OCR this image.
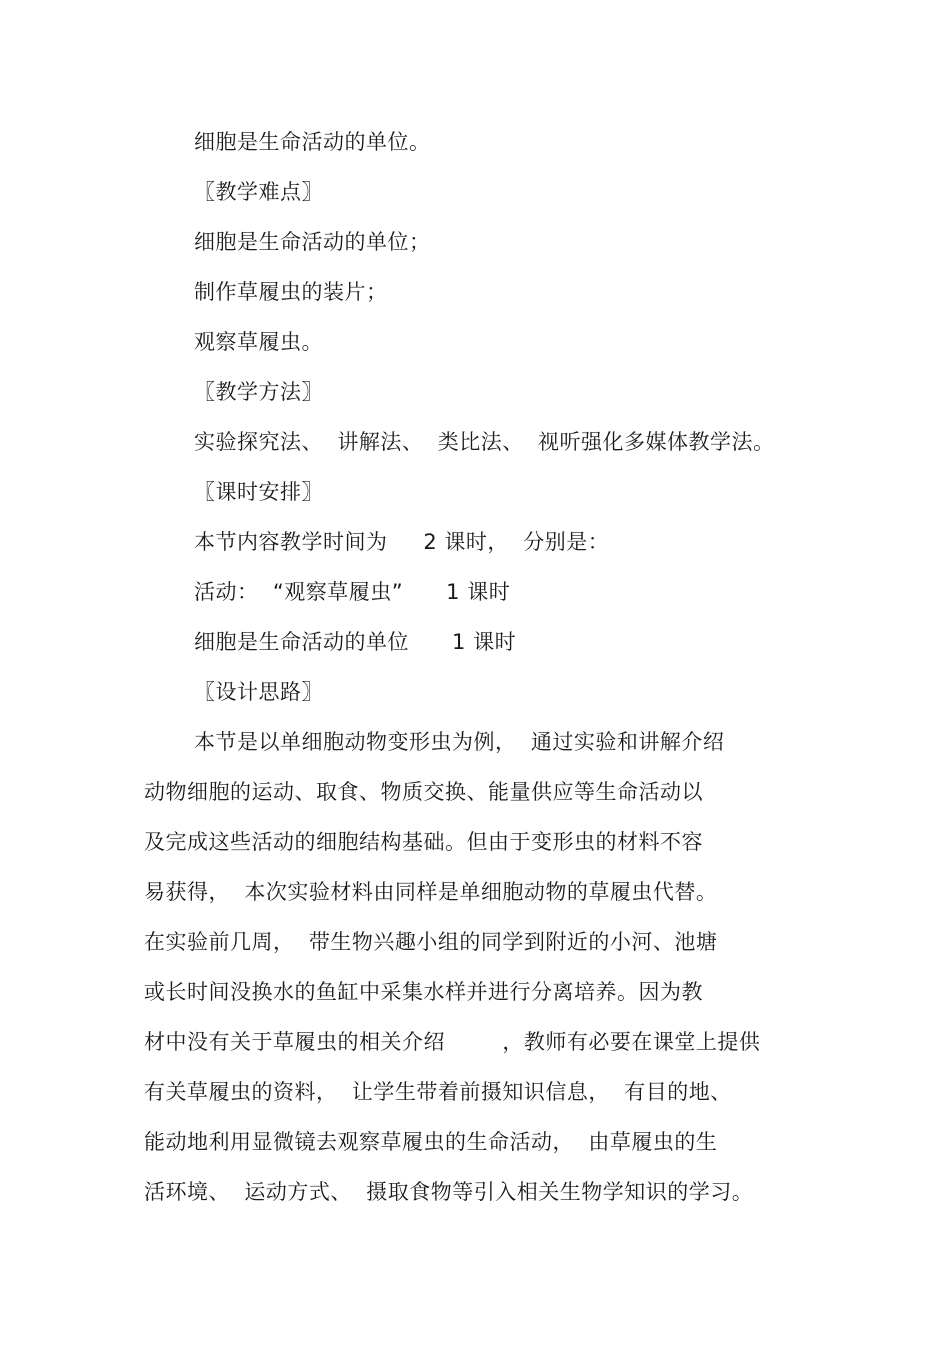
细胞是生命活动的单位。
〖教学难点〗
细胞是生命活动的单位；
制作草履虫的装片；
观察草履虫。
〖教学方法〗
实验探究法、  讲解法、  类比法、  视听强化多媒体教学法。
〖课时安排〗
本节内容教学时间为     2 课时，  分别是：
活动：  “观察草履虫”      1 课时
细胞是生命活动的单位      1 课时
〖设计思路〗
本节是以单细胞动物变形虫为例，  通过实验和讲解介绍
动物细胞的运动、取食、物质交换、能量供应等生命活动以
及完成这些活动的细胞结构基础。但由于变形虫的材料不容
易获得，  本次实验材料由同样是单细胞动物的草履虫代替。
在实验前几周，  带生物兴趣小组的同学到附近的小河、池塘
或长时间没换水的鱼缸中采集水样并进行分离培养。因为教
材中没有关于草履虫的相关介绍        ，教师有必要在课堂上提供
有关草履虫的资料，  让学生带着前摄知识信息，  有目的地、
能动地利用显微镜去观察草履虫的生命活动，  由草履虫的生
活环境、  运动方式、  摄取食物等引入相关生物学知识的学习。
